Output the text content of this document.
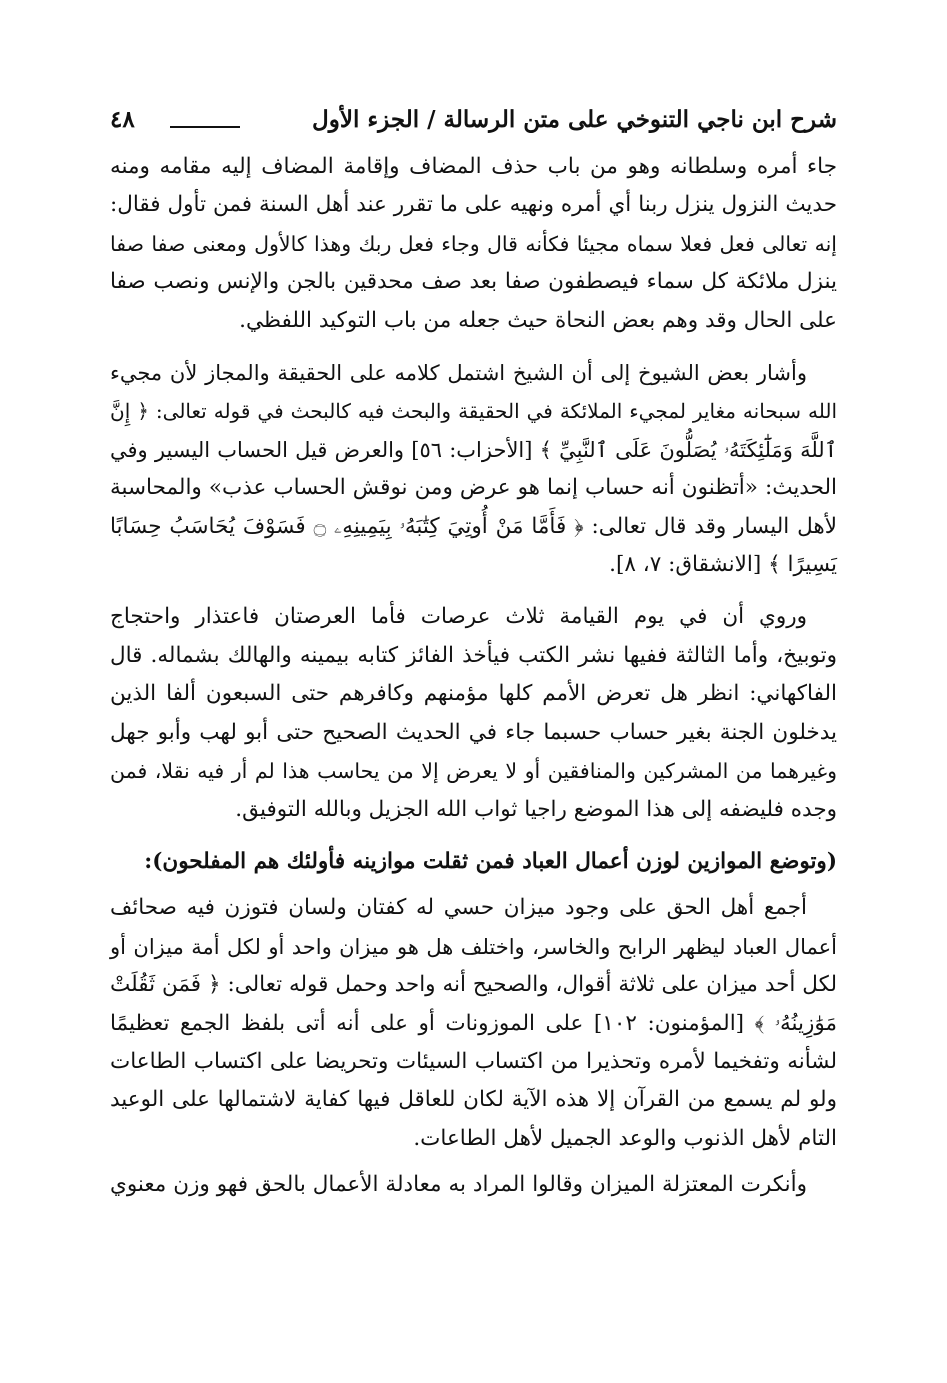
شرح ابن ناجي التنوخي على متن الرسالة / الجزء الأول
٤٨
جاء أمره وسلطانه وهو من باب حذف المضاف وإقامة المضاف إليه مقامه ومنه
حديث النزول ينزل ربنا أي أمره ونهيه على ما تقرر عند أهل السنة فمن تأول فقال:
إنه تعالى فعل فعلا سماه مجيئا فكأنه قال وجاء فعل ربك وهذا كالأول ومعنى صفا صفا
ينزل ملائكة كل سماء فيصطفون صفا بعد صف محدقين بالجن والإنس ونصب صفا
على الحال وقد وهم بعض النحاة حيث جعله من باب التوكيد اللفظي.
وأشار بعض الشيوخ إلى أن الشيخ اشتمل كلامه على الحقيقة والمجاز لأن مجيء
الله سبحانه مغاير لمجيء الملائكة في الحقيقة والبحث فيه كالبحث في قوله تعالى: ﴿ إِنَّ
ٱللَّهَ وَمَلَٰٓئِكَتَهُۥ يُصَلُّونَ عَلَى ٱلنَّبِيِّ ﴾ [الأحزاب: ٥٦] والعرض قيل الحساب اليسير وفي
الحديث: «أتظنون أنه حساب إنما هو عرض ومن نوقش الحساب عذب» والمحاسبة
لأهل اليسار وقد قال تعالى: ﴿ فَأَمَّا مَنْ أُوتِيَ كِتَٰبَهُۥ بِيَمِينِهِۦ ۝ فَسَوْفَ يُحَاسَبُ حِسَابًا
يَسِيرًا ﴾ [الانشقاق: ٧، ٨].
وروي أن في يوم القيامة ثلاث عرصات فأما العرصتان فاعتذار واحتجاج
وتوبيخ، وأما الثالثة ففيها نشر الكتب فيأخذ الفائز كتابه بيمينه والهالك بشماله. قال
الفاكهاني: انظر هل تعرض الأمم كلها مؤمنهم وكافرهم حتى السبعون ألفا الذين
يدخلون الجنة بغير حساب حسبما جاء في الحديث الصحيح حتى أبو لهب وأبو جهل
وغيرهما من المشركين والمنافقين أو لا يعرض إلا من يحاسب هذا لم أر فيه نقلا، فمن
وجده فليضفه إلى هذا الموضع راجيا ثواب الله الجزيل وبالله التوفيق.
(وتوضع الموازين لوزن أعمال العباد فمن ثقلت موازينه فأولئك هم المفلحون):
أجمع أهل الحق على وجود ميزان حسي له كفتان ولسان فتوزن فيه صحائف
أعمال العباد ليظهر الرابح والخاسر، واختلف هل هو ميزان واحد أو لكل أمة ميزان أو
لكل أحد ميزان على ثلاثة أقوال، والصحيح أنه واحد وحمل قوله تعالى: ﴿ فَمَن ثَقُلَتْ
مَوَٰزِينُهُۥ ﴾ [المؤمنون: ١٠٢] على الموزونات أو على أنه أتى بلفظ الجمع تعظيمًا
لشأنه وتفخيما لأمره وتحذيرا من اكتساب السيئات وتحريضا على اكتساب الطاعات
ولو لم يسمع من القرآن إلا هذه الآية لكان للعاقل فيها كفاية لاشتمالها على الوعيد
التام لأهل الذنوب والوعد الجميل لأهل الطاعات.
وأنكرت المعتزلة الميزان وقالوا المراد به معادلة الأعمال بالحق فهو وزن معنوي
